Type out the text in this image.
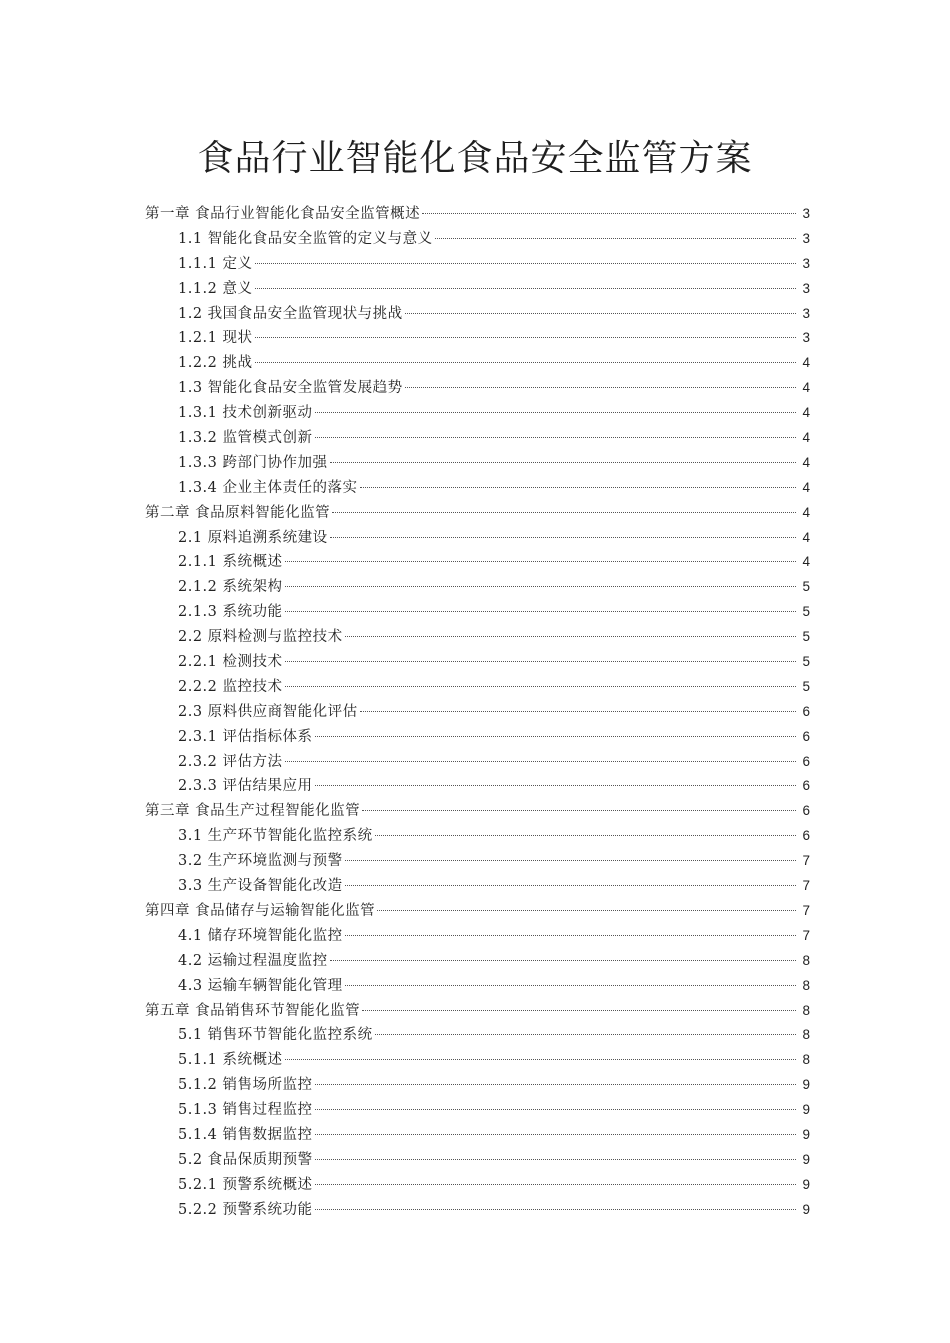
食品行业智能化食品安全监管方案
第一章 食品行业智能化食品安全监管概述	3
1.1 智能化食品安全监管的定义与意义	3
1.1.1 定义	3
1.1.2 意义	3
1.2 我国食品安全监管现状与挑战	3
1.2.1 现状	3
1.2.2 挑战	4
1.3 智能化食品安全监管发展趋势	4
1.3.1 技术创新驱动	4
1.3.2 监管模式创新	4
1.3.3 跨部门协作加强	4
1.3.4 企业主体责任的落实	4
第二章 食品原料智能化监管	4
2.1 原料追溯系统建设	4
2.1.1 系统概述	4
2.1.2 系统架构	5
2.1.3 系统功能	5
2.2 原料检测与监控技术	5
2.2.1 检测技术	5
2.2.2 监控技术	5
2.3 原料供应商智能化评估	6
2.3.1 评估指标体系	6
2.3.2 评估方法	6
2.3.3 评估结果应用	6
第三章 食品生产过程智能化监管	6
3.1 生产环节智能化监控系统	6
3.2 生产环境监测与预警	7
3.3 生产设备智能化改造	7
第四章 食品储存与运输智能化监管	7
4.1 储存环境智能化监控	7
4.2 运输过程温度监控	8
4.3 运输车辆智能化管理	8
第五章 食品销售环节智能化监管	8
5.1 销售环节智能化监控系统	8
5.1.1 系统概述	8
5.1.2 销售场所监控	9
5.1.3 销售过程监控	9
5.1.4 销售数据监控	9
5.2 食品保质期预警	9
5.2.1 预警系统概述	9
5.2.2 预警系统功能	9
